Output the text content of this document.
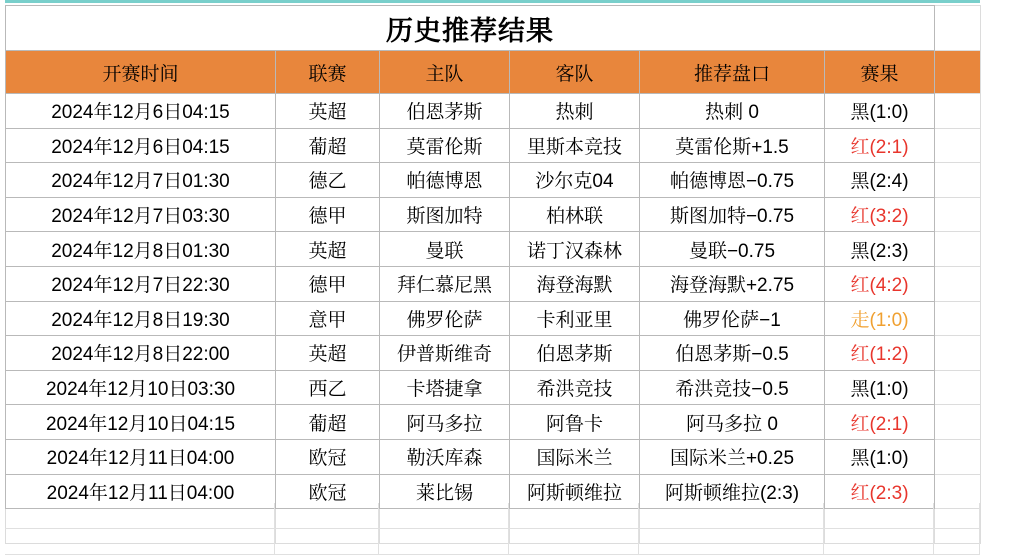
历史推荐结果						
开赛时间	联赛	主队	客队	推荐盘口	赛果	
2024年12月6日04:15	英超	伯恩茅斯	热刺	热刺 0	黑(1:0)	
2024年12月6日04:15	葡超	莫雷伦斯	里斯本竞技	莫雷伦斯+1.5	红(2:1)	
2024年12月7日01:30	德乙	帕德博恩	沙尔克04	帕德博恩−0.75	黑(2:4)	
2024年12月7日03:30	德甲	斯图加特	柏林联	斯图加特−0.75	红(3:2)	
2024年12月8日01:30	英超	曼联	诺丁汉森林	曼联−0.75	黑(2:3)	
2024年12月7日22:30	德甲	拜仁慕尼黑	海登海默	海登海默+2.75	红(4:2)	
2024年12月8日19:30	意甲	佛罗伦萨	卡利亚里	佛罗伦萨−1	走(1:0)	
2024年12月8日22:00	英超	伊普斯维奇	伯恩茅斯	伯恩茅斯−0.5	红(1:2)	
2024年12月10日03:30	西乙	卡塔捷拿	希洪竞技	希洪竞技−0.5	黑(1:0)	
2024年12月10日04:15	葡超	阿马多拉	阿鲁卡	阿马多拉 0	红(2:1)	
2024年12月11日04:00	欧冠	勒沃库森	国际米兰	国际米兰+0.25	黑(1:0)	
2024年12月11日04:00	欧冠	莱比锡	阿斯顿维拉	阿斯顿维拉(2:3)	红(2:3)	
